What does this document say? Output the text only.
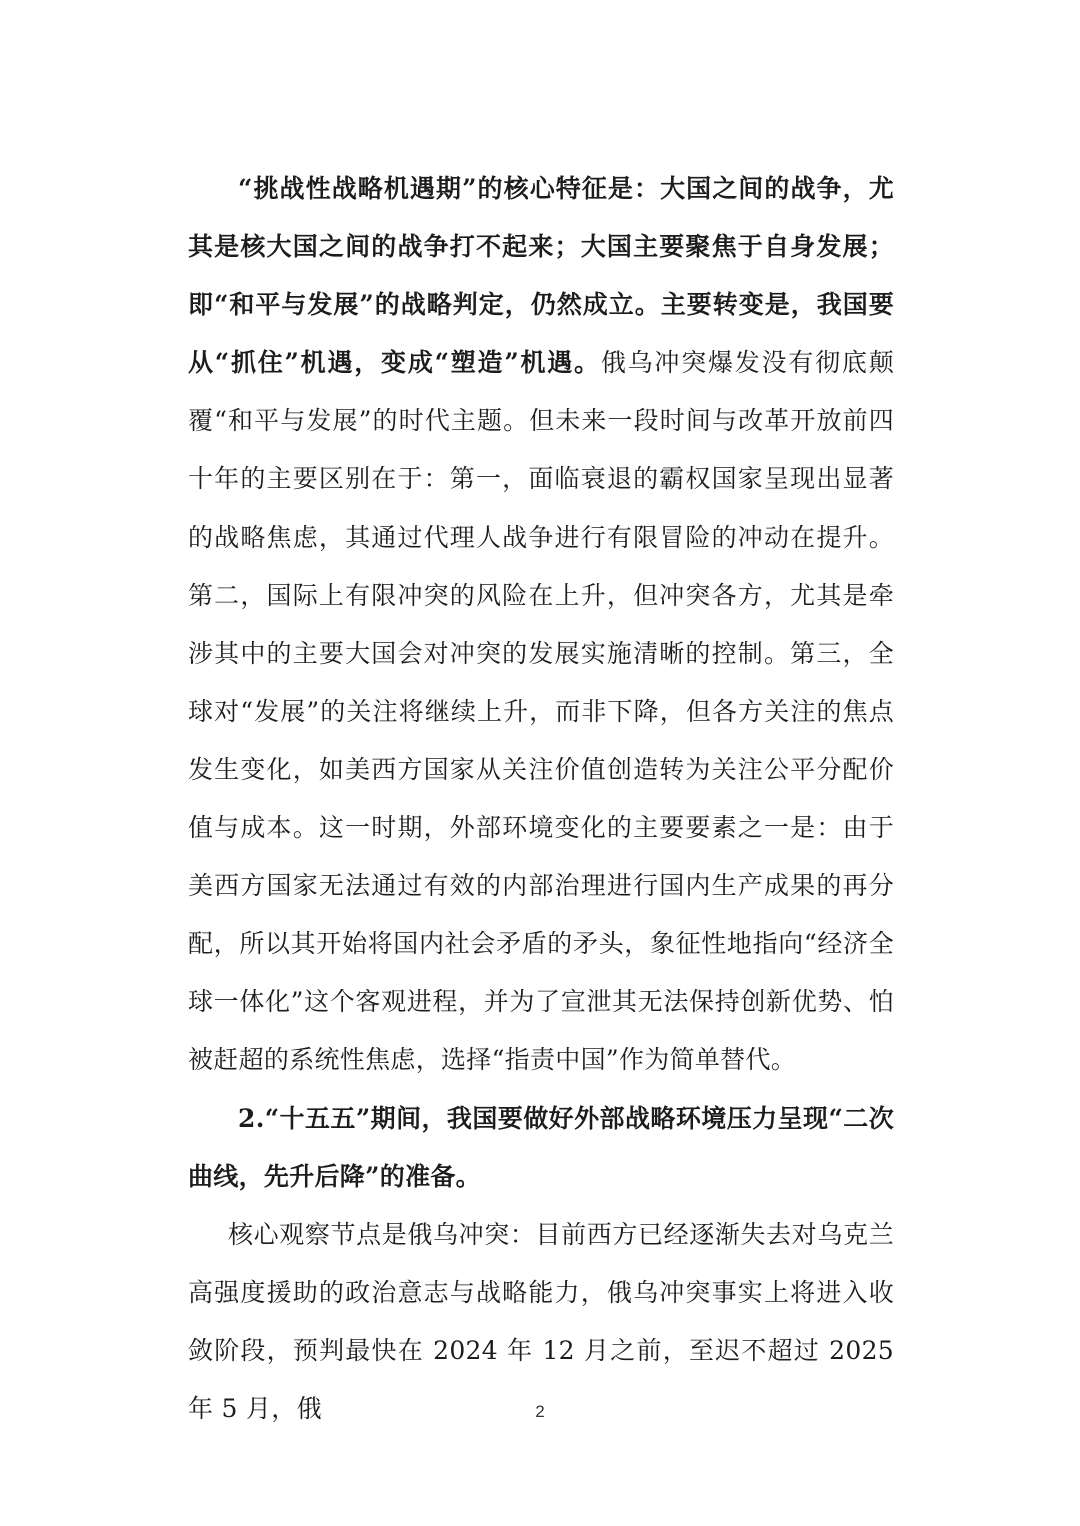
“挑战性战略机遇期”的核心特征是：大国之间的战争，尤其是核大国之间的战争打不起来；大国主要聚焦于自身发展；即“和平与发展”的战略判定，仍然成立。主要转变是，我国要从“抓住”机遇，变成“塑造”机遇。俄乌冲突爆发没有彻底颠覆“和平与发展”的时代主题。但未来一段时间与改革开放前四十年的主要区别在于：第一，面临衰退的霸权国家呈现出显著的战略焦虑，其通过代理人战争进行有限冒险的冲动在提升。第二，国际上有限冲突的风险在上升，但冲突各方，尤其是牵涉其中的主要大国会对冲突的发展实施清晰的控制。第三，全球对“发展”的关注将继续上升，而非下降，但各方关注的焦点发生变化，如美西方国家从关注价值创造转为关注公平分配价值与成本。这一时期，外部环境变化的主要要素之一是：由于美西方国家无法通过有效的内部治理进行国内生产成果的再分配，所以其开始将国内社会矛盾的矛头，象征性地指向“经济全球一体化”这个客观进程，并为了宣泄其无法保持创新优势、怕被赶超的系统性焦虑，选择“指责中国”作为简单替代。

2.“十五五”期间，我国要做好外部战略环境压力呈现“二次曲线，先升后降”的准备。

核心观察节点是俄乌冲突：目前西方已经逐渐失去对乌克兰高强度援助的政治意志与战略能力，俄乌冲突事实上将进入收敛阶段，预判最快在 2024 年 12 月之前，至迟不超过 2025 年 5 月，俄	2
